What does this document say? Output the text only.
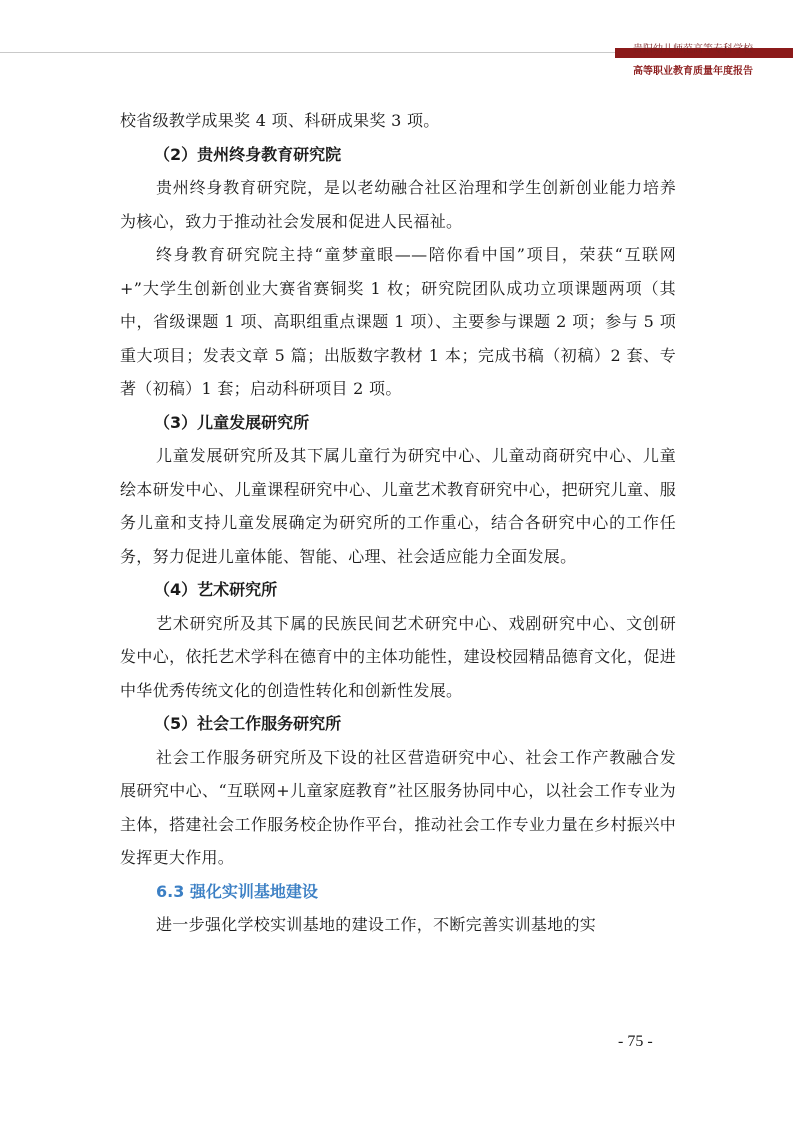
贵阳幼儿师范高等专科学校
高等职业教育质量年度报告

校省级教学成果奖 4 项、科研成果奖 3 项。

（2）贵州终身教育研究院

贵州终身教育研究院，是以老幼融合社区治理和学生创新创业能力培养为核心，致力于推动社会发展和促进人民福祉。

终身教育研究院主持“童梦童眼——陪你看中国”项目，荣获“互联网+”大学生创新创业大赛省赛铜奖 1 枚；研究院团队成功立项课题两项（其中，省级课题 1 项、高职组重点课题 1 项）、主要参与课题 2 项；参与 5 项重大项目；发表文章 5 篇；出版数字教材 1 本；完成书稿（初稿）2 套、专著（初稿）1 套；启动科研项目 2 项。

（3）儿童发展研究所

儿童发展研究所及其下属儿童行为研究中心、儿童动商研究中心、儿童绘本研发中心、儿童课程研究中心、儿童艺术教育研究中心，把研究儿童、服务儿童和支持儿童发展确定为研究所的工作重心，结合各研究中心的工作任务，努力促进儿童体能、智能、心理、社会适应能力全面发展。

（4）艺术研究所

艺术研究所及其下属的民族民间艺术研究中心、戏剧研究中心、文创研发中心，依托艺术学科在德育中的主体功能性，建设校园精品德育文化，促进中华优秀传统文化的创造性转化和创新性发展。

（5）社会工作服务研究所

社会工作服务研究所及下设的社区营造研究中心、社会工作产教融合发展研究中心、“互联网+儿童家庭教育”社区服务协同中心，以社会工作专业为主体，搭建社会工作服务校企协作平台，推动社会工作专业力量在乡村振兴中发挥更大作用。

6.3 强化实训基地建设

进一步强化学校实训基地的建设工作，不断完善实训基地的实

- 75 -
